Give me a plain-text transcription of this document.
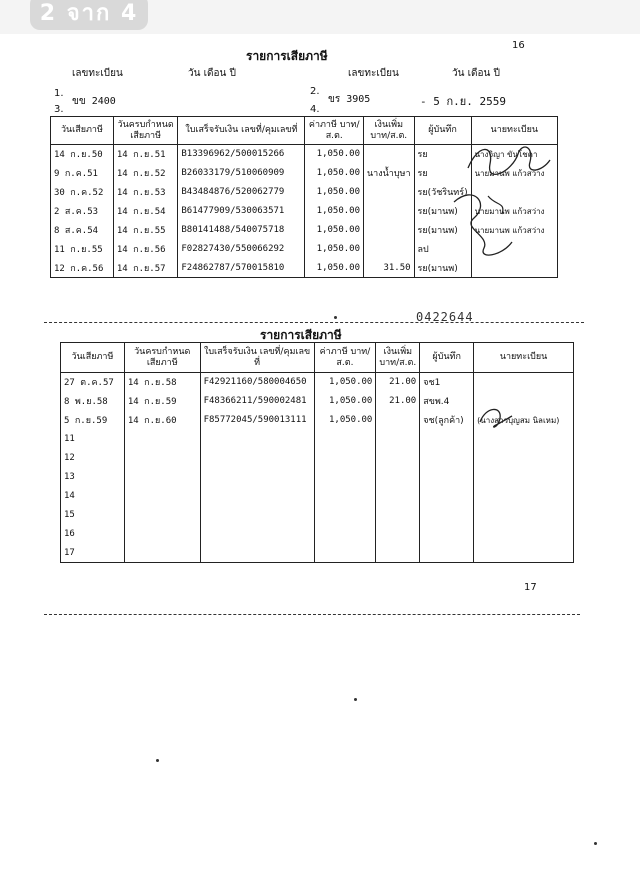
2 จาก 4
16
รายการเสียภาษี
เลขทะเบียน	วัน เดือน ปี	เลขทะเบียน	วัน เดือน ปี
1.
ขข 2400
2.
ขร 3905	- 5 ก.ย. 2559
3.	4.
วันเสียภาษี	วันครบกำหนด เสียภาษี	ใบเสร็จรับเงิน เลขที่/คุมเลขที่	ค่าภาษี บาท/ส.ต.	เงินเพิ่ม บาท/ส.ต.	ผู้บันทึก	นายทะเบียน
14 ก.ย.50	14 ก.ย.51	B13396962/500015266	1,050.00		รย	นางจิญา ขันโชคา
9 ก.ค.51	14 ก.ย.52	B26033179/510060909	1,050.00	นางน้ำบุษา	รย	นายมานพ แก้วสว่าง
30 ก.ค.52	14 ก.ย.53	B43484876/520062779	1,050.00		รย(วัชรินทร์)	
2 ส.ค.53	14 ก.ย.54	B61477909/530063571	1,050.00		รย(มานพ)	นายมานพ แก้วสว่าง
8 ส.ค.54	14 ก.ย.55	B80141488/540075718	1,050.00		รย(มานพ)	นายมานพ แก้วสว่าง
11 ก.ย.55	14 ก.ย.56	F02827430/550066292	1,050.00		ลป	
12 ก.ค.56	14 ก.ย.57	F24862787/570015810	1,050.00	31.50	รย(มานพ)	
0422644
รายการเสียภาษี
วันเสียภาษี	วันครบกำหนด เสียภาษี	ใบเสร็จรับเงิน เลขที่/คุมเลขที่	ค่าภาษี บาท/ส.ต.	เงินเพิ่ม บาท/ส.ต.	ผู้บันทึก	นายทะเบียน
27 ต.ค.57	14 ก.ย.58	F42921160/580004650	1,050.00	21.00	จช1	
8 พ.ย.58	14 ก.ย.59	F48366211/590002481	1,050.00	21.00	สขพ.4	
5 ก.ย.59	14 ก.ย.60	F85772045/590013111	1,050.00		จช(ลูกค้า)	(นางสาวบุญสม นิลเหม)
11						
12						
13						
14						
15						
16						
17						
17
